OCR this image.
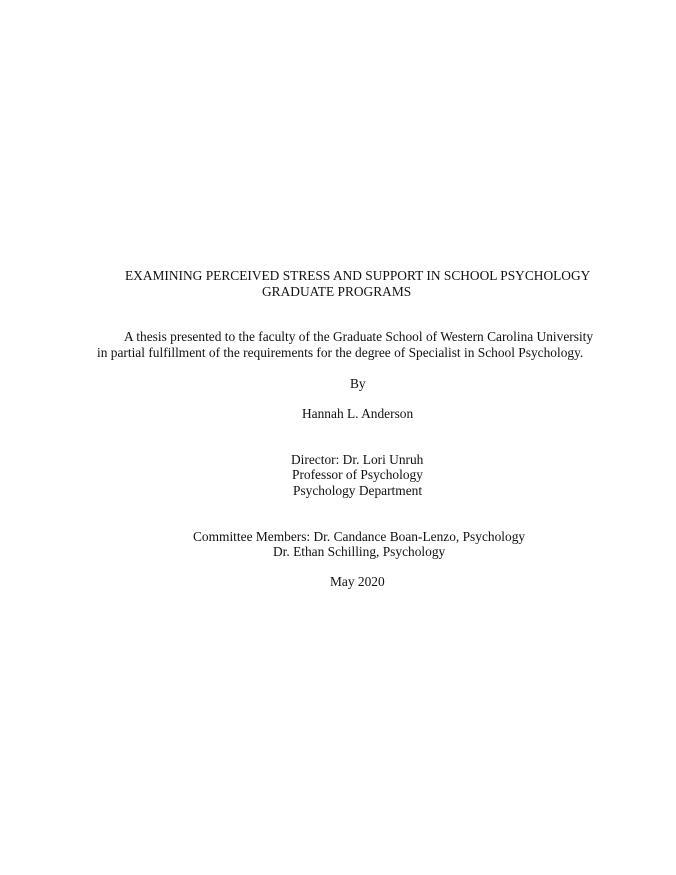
EXAMINING PERCEIVED STRESS AND SUPPORT IN SCHOOL PSYCHOLOGY

GRADUATE PROGRAMS

A thesis presented to the faculty of the Graduate School of Western Carolina University

in partial fulfillment of the requirements for the degree of Specialist in School Psychology.

By

Hannah L. Anderson

Director: Dr. Lori Unruh

Professor of Psychology

Psychology Department

Committee Members: Dr. Candance Boan-Lenzo, Psychology

Dr. Ethan Schilling, Psychology

May 2020
